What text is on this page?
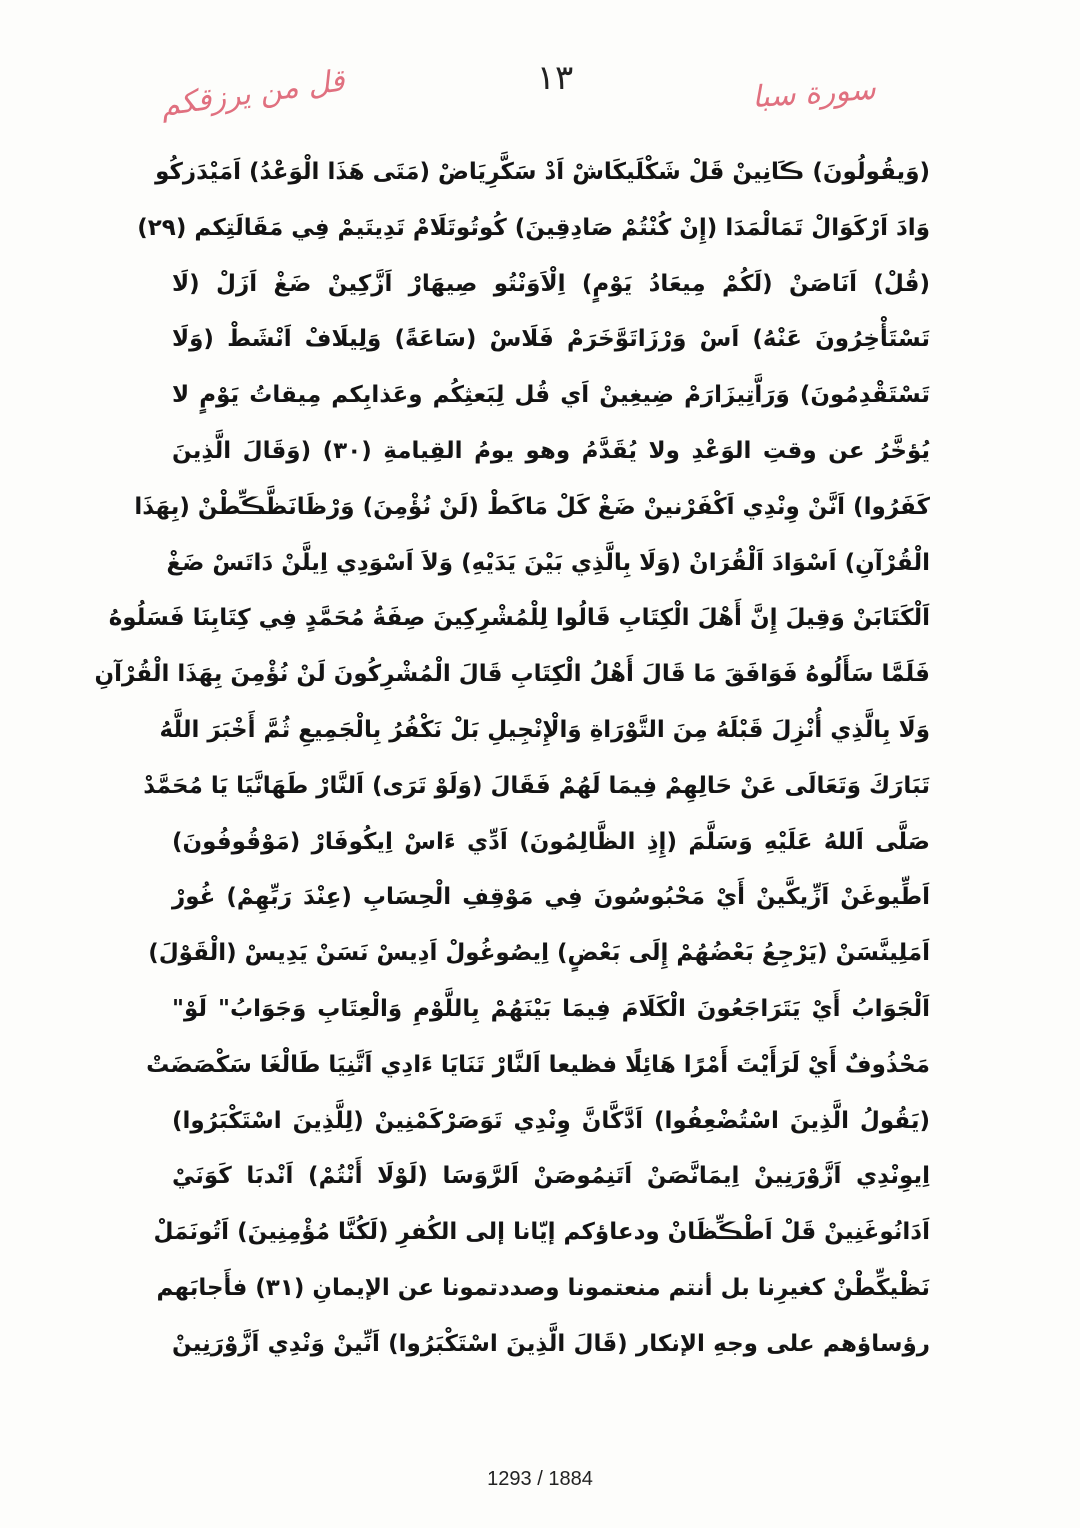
قل من يرزقكم	١٣	سورة سبا
(وَيقُولُونَ) ڪَانِينْ قَلْ شَكْلَيكَاشْ اَدْ سَكَّرِيَاضْ (مَتَى هَذَا الْوَعْدُ) اَمَيْدَزكُو
وَادَ اَرْكَوَالْ تَمَالْمَدَا (إِنْ كُنْتُمْ صَادِقِينَ) كُوتُوتَلَامْ تَدِيتَيمْ فِي مَقَالَتِكم (٢٩)
(قُلْ) اَنَاصَنْ (لَكُمْ مِيعَادُ يَوْمٍ) اِلْاَوَنْتُو صِيهَارْ اَزَّكِينْ ضَغْ اَزَلْ (لَا
تَسْتَأْخِرُونَ عَنْهُ) اَسْ وَرْزَاتَوَّخَرَمْ فَلَاسْ (سَاعَةً) وَلِيلَافْ اَنْشَطْ (وَلَا
تَسْتَقْدِمُونَ) وَرَاَّتِيزَارَمْ ضِيغِينْ اَي قُل لِبَعثِكُم وعَذابِكم مِيقاتُ يَوْمٍ لا
يُؤخَّرُ عن وقتِ الوَعْدِ ولا يُقَدَّمُ وهو يومُ القِيامةِ (٣٠) (وَقَالَ الَّذِينَ
كَفَرُوا) اَنَّنْ وِنْدِي اَكْفَرْنينْ ضَغْ كَلْ مَاكَطْ (لَنْ نُؤْمِنَ) وَرْظَانَظَّڪِّطْنْ (بِهَذَا
الْقُرْآنِ) اَسْوَادَ اَلْقُرَانْ (وَلَا بِالَّذِي بَيْنَ يَدَيْهِ) وَلاَ اَسْوَدِي اِيلَّنْ دَاتَسْ ضَغْ
اَلْكَتَابَنْ وَقِيلَ إِنَّ أَهْلَ الْكِتَابِ قَالُوا لِلْمُشْرِكِينَ صِفَةُ مُحَمَّدٍ فِي كِتَابِنَا فَسَلُوهُ
فَلَمَّا سَأَلُوهُ فَوَافَقَ مَا قَالَ أَهْلُ الْكِتَابِ قَالَ الْمُشْرِكُونَ لَنْ نُؤْمِنَ بِهَذَا الْقُرْآنِ
وَلَا بِالَّذِي أُنْزِلَ قَبْلَهُ مِنَ التَّوْرَاةِ وَالْإِنْجِيلِ بَلْ نَكْفُرُ بِالْجَمِيعِ ثُمَّ أَخْبَرَ اللَّهُ
تَبَارَكَ وَتَعَالَى عَنْ حَالِهِمْ فِيمَا لَهُمْ فَقَالَ (وَلَوْ تَرَى) اَلنَّارْ طَهَانَّيَا يَا مُحَمَّدْ
صَلَّى اَللهُ عَلَيْهِ وَسَلَّمَ (إِذِ الظَّالِمُونَ) اَدِّي ءَاسْ اِيكُوفَارْ (مَوْقُوفُونَ)
اَطِّيوغَنْ اَزِّيكَّينْ أَيْ مَحْبُوسُونَ فِي مَوْقِفِ الْحِسَابِ (عِنْدَ رَبِّهِمْ) غُورْ
اَمَلِينَّسَنْ (يَرْجِعُ بَعْضُهُمْ إِلَى بَعْضٍ) اِيصُوغُولْ اَدِيسْ نَسَنْ يَدِيسْ (الْقَوْلَ)
اَلْجَوَابُ أَيْ يَتَرَاجَعُونَ الْكَلَامَ فِيمَا بَيْنَهُمْ بِاللَّوْمِ وَالْعِتَابِ وَجَوَابُ" لَوْ"
مَحْذُوفٌ أَيْ لَرَأَيْتَ أَمْرًا هَائِلًا فظيعا اَلنَّارْ تَنَايَا ءَادِي اَتَّنِيَا طَالْغَا سَكْصَضَتْ
(يَقُولُ الَّذِينَ اسْتُضْعِفُوا) اَدَّكَّانَّ وِنْدِي تَوَصَرْكَمْنِينْ (لِلَّذِينَ اسْتَكْبَرُوا)
اِيوِنْدِي اَزَّوْرَنِينْ اِيمَانَّصَنْ اَتَنِمُوصَنْ اَلرَّوَسَا (لَوْلَا أَنْتُمْ) اَنْدبَا كَوَنَيْ
اَدَانُوغَنِينْ قَلْ اَطْڪِّظَانْ ودعاؤكم إيّانا إلى الكُفرِ (لَكُنَّا مُؤْمِنِينَ) اَتُونَمَلْ
نَظْيكِّطْنْ كغيرِنا بل أنتم منعتمونا وصددتمونا عن الإيمانِ (٣١) فأَجابَهم
رؤساؤهم على وجهِ الإنكار (قَالَ الَّذِينَ اسْتَكْبَرُوا) اَنِّينْ وَنْدِي اَزَّوْرَنِينْ
1293 / 1884
